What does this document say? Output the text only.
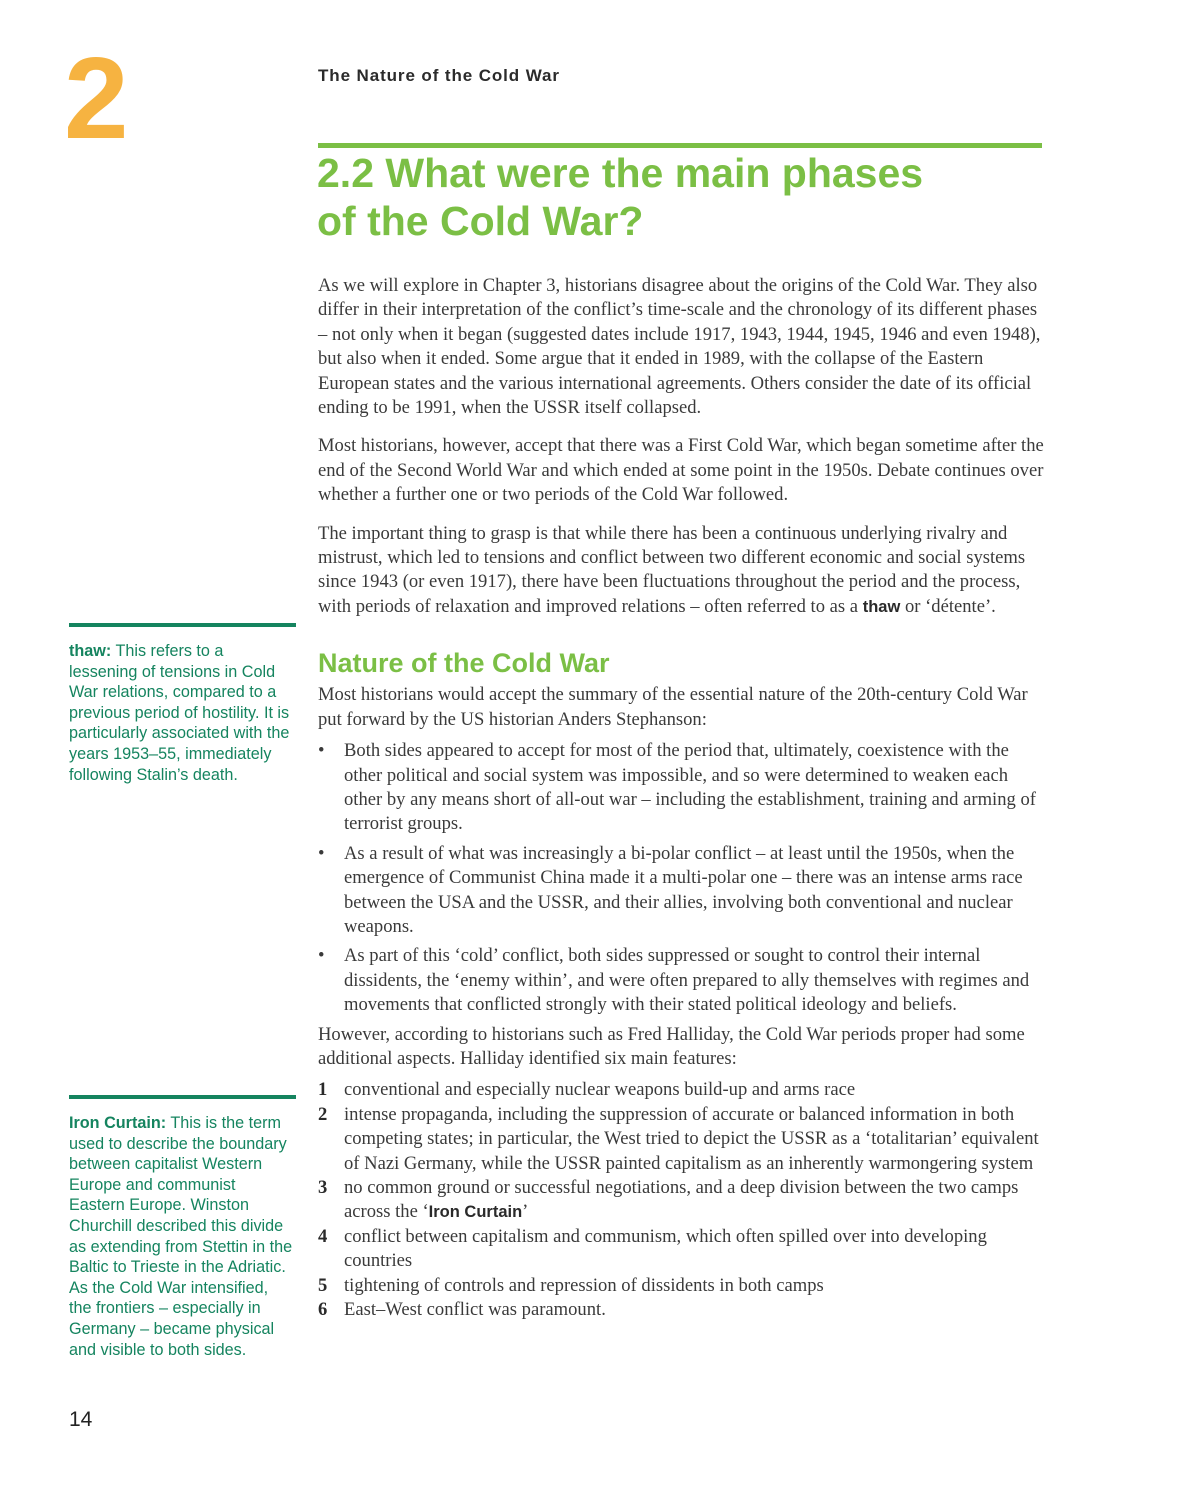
2	The Nature of the Cold War
2.2 What were the main phases
of the Cold War?

As we will explore in Chapter 3, historians disagree about the origins of the Cold War. They also differ in their interpretation of the conflict’s time-scale and the chronology of its different phases – not only when it began (suggested dates include 1917, 1943, 1944, 1945, 1946 and even 1948), but also when it ended. Some argue that it ended in 1989, with the collapse of the Eastern European states and the various international agreements. Others consider the date of its official ending to be 1991, when the USSR itself collapsed.

Most historians, however, accept that there was a First Cold War, which began sometime after the end of the Second World War and which ended at some point in the 1950s. Debate continues over whether a further one or two periods of the Cold War followed.

The important thing to grasp is that while there has been a continuous underlying rivalry and mistrust, which led to tensions and conflict between two different economic and social systems since 1943 (or even 1917), there have been fluctuations throughout the period and the process, with periods of relaxation and improved relations – often referred to as a thaw or ‘détente’.

Nature of the Cold War

Most historians would accept the summary of the essential nature of the 20th-century Cold War put forward by the US historian Anders Stephanson:

• Both sides appeared to accept for most of the period that, ultimately, coexistence with the other political and social system was impossible, and so were determined to weaken each other by any means short of all-out war – including the establishment, training and arming of terrorist groups.
• As a result of what was increasingly a bi-polar conflict – at least until the 1950s, when the emergence of Communist China made it a multi-polar one – there was an intense arms race between the USA and the USSR, and their allies, involving both conventional and nuclear weapons.
• As part of this ‘cold’ conflict, both sides suppressed or sought to control their internal dissidents, the ‘enemy within’, and were often prepared to ally themselves with regimes and movements that conflicted strongly with their stated political ideology and beliefs.

However, according to historians such as Fred Halliday, the Cold War periods proper had some additional aspects. Halliday identified six main features:

1 conventional and especially nuclear weapons build-up and arms race
2 intense propaganda, including the suppression of accurate or balanced information in both competing states; in particular, the West tried to depict the USSR as a ‘totalitarian’ equivalent of Nazi Germany, while the USSR painted capitalism as an inherently warmongering system
3 no common ground or successful negotiations, and a deep division between the two camps across the ‘Iron Curtain’
4 conflict between capitalism and communism, which often spilled over into developing countries
5 tightening of controls and repression of dissidents in both camps
6 East–West conflict was paramount.
thaw: This refers to a lessening of tensions in Cold War relations, compared to a previous period of hostility. It is particularly associated with the years 1953–55, immediately following Stalin’s death.
Iron Curtain: This is the term used to describe the boundary between capitalist Western Europe and communist Eastern Europe. Winston Churchill described this divide as extending from Stettin in the Baltic to Trieste in the Adriatic. As the Cold War intensified, the frontiers – especially in Germany – became physical and visible to both sides.
14
